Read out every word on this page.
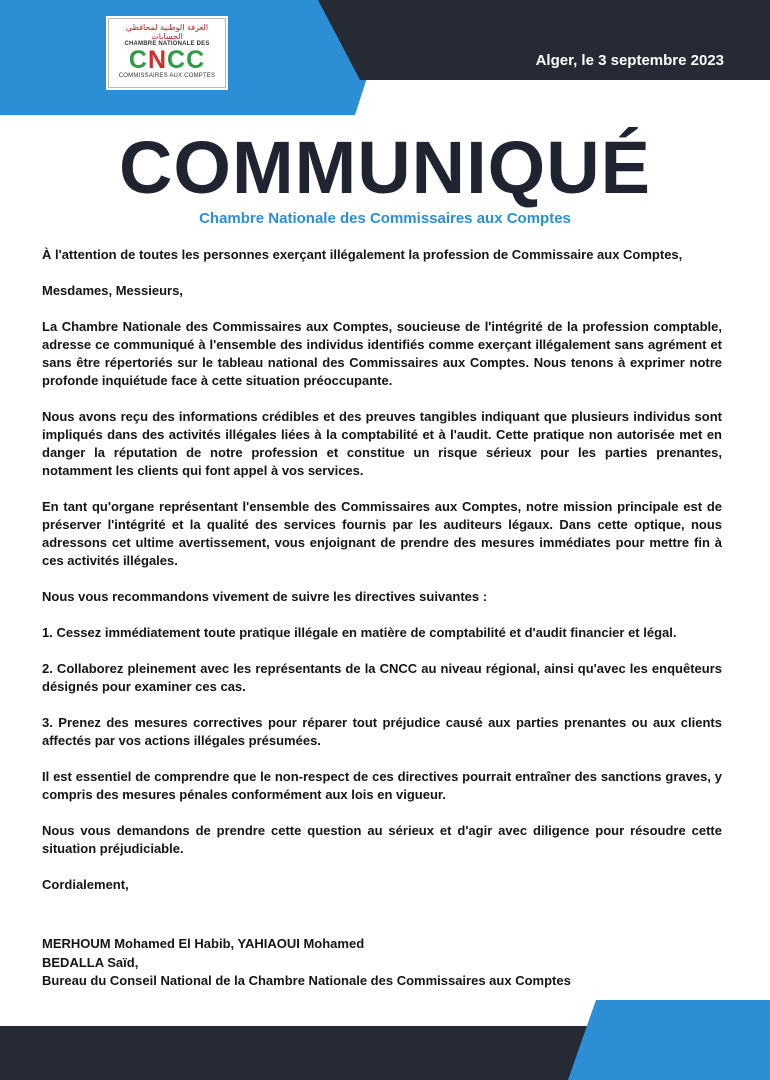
الغرفة الوطنية لمحافظي الحسابات
CHAMBRE NATIONALE DES
CNCC
COMMISSAIRES AUX COMPTES
Alger, le 3 septembre 2023
COMMUNIQUÉ
Chambre Nationale des Commissaires aux Comptes

À l'attention de toutes les personnes exerçant illégalement la profession de Commissaire aux Comptes,

Mesdames, Messieurs,

La Chambre Nationale des Commissaires aux Comptes, soucieuse de l'intégrité de la profession comptable, adresse ce communiqué à l'ensemble des individus identifiés comme exerçant illégalement sans agrément et sans être répertoriés sur le tableau national des Commissaires aux Comptes. Nous tenons à exprimer notre profonde inquiétude face à cette situation préoccupante.

Nous avons reçu des informations crédibles et des preuves tangibles indiquant que plusieurs individus sont impliqués dans des activités illégales liées à la comptabilité et à l'audit. Cette pratique non autorisée met en danger la réputation de notre profession et constitue un risque sérieux pour les parties prenantes, notamment les clients qui font appel à vos services.

En tant qu'organe représentant l'ensemble des Commissaires aux Comptes, notre mission principale est de préserver l'intégrité et la qualité des services fournis par les auditeurs légaux. Dans cette optique, nous adressons cet ultime avertissement, vous enjoignant de prendre des mesures immédiates pour mettre fin à ces activités illégales.

Nous vous recommandons vivement de suivre les directives suivantes :

1. Cessez immédiatement toute pratique illégale en matière de comptabilité et d'audit financier et légal.

2. Collaborez pleinement avec les représentants de la CNCC au niveau régional, ainsi qu'avec les enquêteurs désignés pour examiner ces cas.

3. Prenez des mesures correctives pour réparer tout préjudice causé aux parties prenantes ou aux clients affectés par vos actions illégales présumées.

Il est essentiel de comprendre que le non-respect de ces directives pourrait entraîner des sanctions graves, y compris des mesures pénales conformément aux lois en vigueur.

Nous vous demandons de prendre cette question au sérieux et d'agir avec diligence pour résoudre cette situation préjudiciable.

Cordialement,

MERHOUM Mohamed El Habib, YAHIAOUI Mohamed
BEDALLA Saïd,
Bureau du Conseil National de la Chambre Nationale des Commissaires aux Comptes
